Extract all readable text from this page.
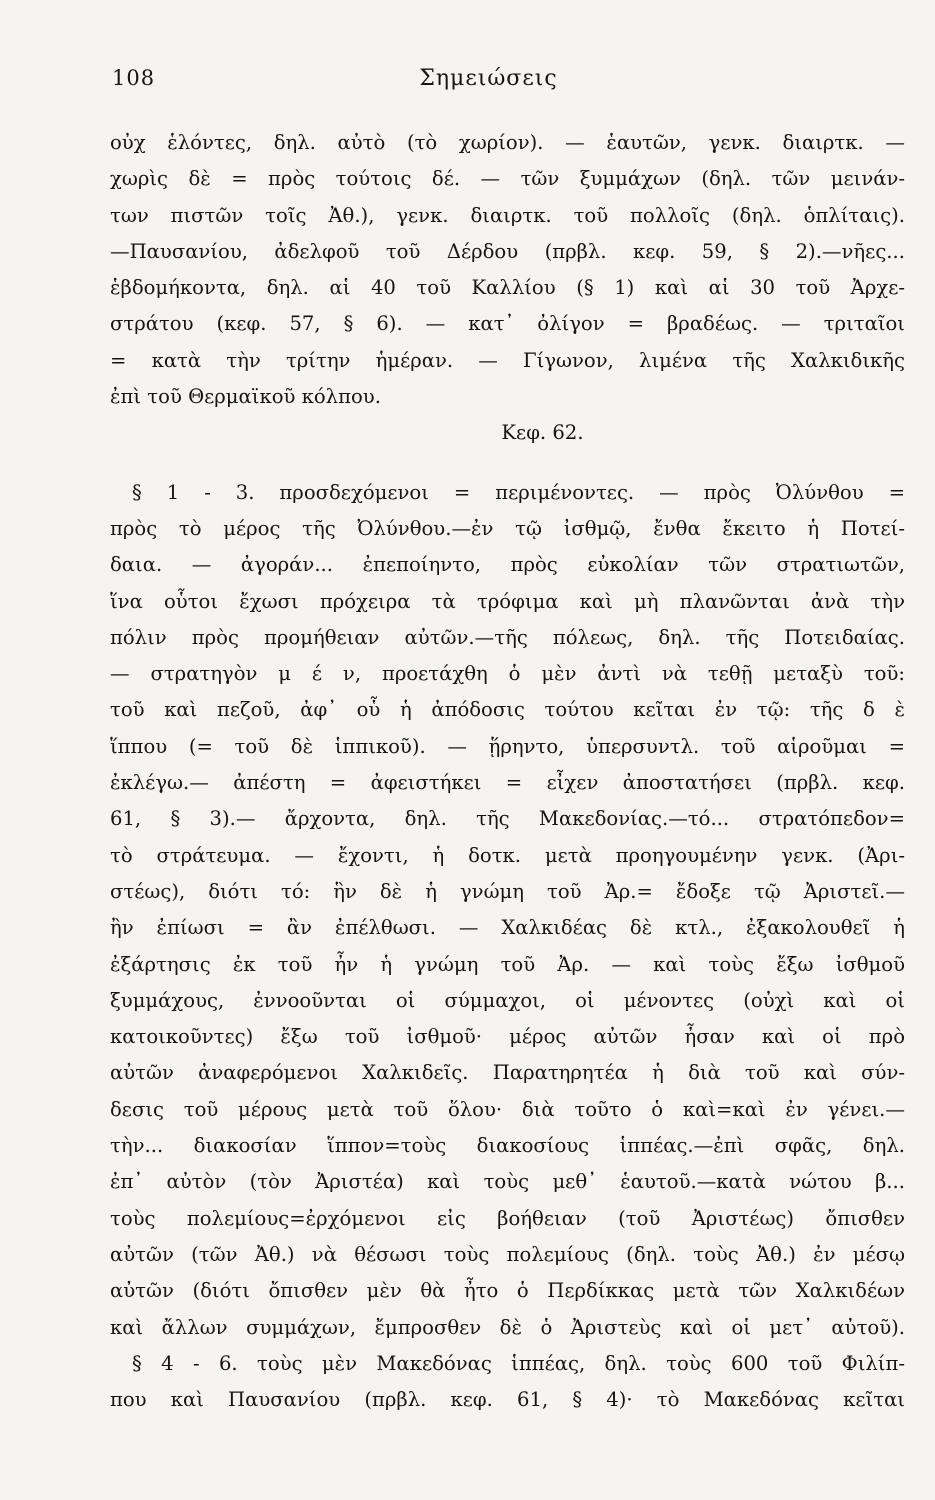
108	Σημειώσεις
οὐχ ἑλόντες, δηλ. αὐτὸ (τὸ χωρίον). — ἑαυτῶν, γενκ. διαιρτκ. —
χωρὶς δὲ = πρὸς τούτοις δέ. — τῶν ξυμμάχων (δηλ. τῶν μεινάν-
των πιστῶν τοῖς Ἀθ.), γενκ. διαιρτκ. τοῦ πολλοῖς (δηλ. ὁπλίταις).
—Παυσανίου, ἀδελφοῦ τοῦ Δέρδου (πρβλ. κεφ. 59, § 2).—νῆες...
ἑβδομήκοντα, δηλ. αἱ 40 τοῦ Καλλίου (§ 1) καὶ αἱ 30 τοῦ Ἀρχε-
στράτου (κεφ. 57, § 6). — κατ᾽ ὀλίγον = βραδέως. — τριταῖοι
= κατὰ τὴν τρίτην ἡμέραν. — Γίγωνον, λιμένα τῆς Χαλκιδικῆς
ἐπὶ τοῦ Θερμαϊκοῦ κόλπου.
Κεφ. 62.
§ 1 - 3. προσδεχόμενοι = περιμένοντες. — πρὸς Ὀλύνθου =
πρὸς τὸ μέρος τῆς Ὀλύνθου.—ἐν τῷ ἰσθμῷ, ἔνθα ἔκειτο ἡ Ποτεί-
δαια. — ἀγοράν... ἐπεποίηντο, πρὸς εὐκολίαν τῶν στρατιωτῶν,
ἵνα οὗτοι ἔχωσι πρόχειρα τὰ τρόφιμα καὶ μὴ πλανῶνται ἀνὰ τὴν
πόλιν πρὸς προμήθειαν αὐτῶν.—τῆς πόλεως, δηλ. τῆς Ποτειδαίας.
— στρατηγὸν μ έ ν, προετάχθη ὁ μὲν ἀντὶ νὰ τεθῇ μεταξὺ τοῦ:
τοῦ καὶ πεζοῦ, ἀφ᾽ οὗ ἡ ἀπόδοσις τούτου κεῖται ἐν τῷ: τῆς δ ὲ
ἵππου (= τοῦ δὲ ἱππικοῦ). — ᾕρηντο, ὑπερσυντλ. τοῦ αἱροῦμαι =
ἐκλέγω.— ἀπέστη = ἀφειστήκει = εἶχεν ἀποστατήσει (πρβλ. κεφ.
61, § 3).— ἄρχοντα, δηλ. τῆς Μακεδονίας.—τό... στρατόπεδον=
τὸ στράτευμα. — ἔχοντι, ἡ δοτκ. μετὰ προηγουμένην γενκ. (Ἀρι-
στέως), διότι τό: ἣν δὲ ἡ γνώμη τοῦ Ἀρ.= ἔδοξε τῷ Ἀριστεῖ.—
ἢν ἐπίωσι = ἂν ἐπέλθωσι. — Χαλκιδέας δὲ κτλ., ἐξακολουθεῖ ἡ
ἐξάρτησις ἐκ τοῦ ἦν ἡ γνώμη τοῦ Ἀρ. — καὶ τοὺς ἔξω ἰσθμοῦ
ξυμμάχους, ἐννοοῦνται οἱ σύμμαχοι, οἱ μένοντες (οὐχὶ καὶ οἱ
κατοικοῦντες) ἔξω τοῦ ἰσθμοῦ· μέρος αὐτῶν ἦσαν καὶ οἱ πρὸ
αὐτῶν ἀναφερόμενοι Χαλκιδεῖς. Παρατηρητέα ἡ διὰ τοῦ καὶ σύν-
δεσις τοῦ μέρους μετὰ τοῦ ὅλου· διὰ τοῦτο ὁ καὶ=καὶ ἐν γένει.—
τὴν... διακοσίαν ἵππον=τοὺς διακοσίους ἱππέας.—ἐπὶ σφᾶς, δηλ.
ἐπ᾽ αὐτὸν (τὸν Ἀριστέα) καὶ τοὺς μεθ᾽ ἑαυτοῦ.—κατὰ νώτου β...
τοὺς πολεμίους=ἐρχόμενοι εἰς βοήθειαν (τοῦ Ἀριστέως) ὄπισθεν
αὐτῶν (τῶν Ἀθ.) νὰ θέσωσι τοὺς πολεμίους (δηλ. τοὺς Ἀθ.) ἐν μέσῳ
αὐτῶν (διότι ὄπισθεν μὲν θὰ ἦτο ὁ Περδίκκας μετὰ τῶν Χαλκιδέων
καὶ ἄλλων συμμάχων, ἔμπροσθεν δὲ ὁ Ἀριστεὺς καὶ οἱ μετ᾽ αὐτοῦ).
§ 4 - 6. τοὺς μὲν Μακεδόνας ἱππέας, δηλ. τοὺς 600 τοῦ Φιλίπ-
που καὶ Παυσανίου (πρβλ. κεφ. 61, § 4)· τὸ Μακεδόνας κεῖται
